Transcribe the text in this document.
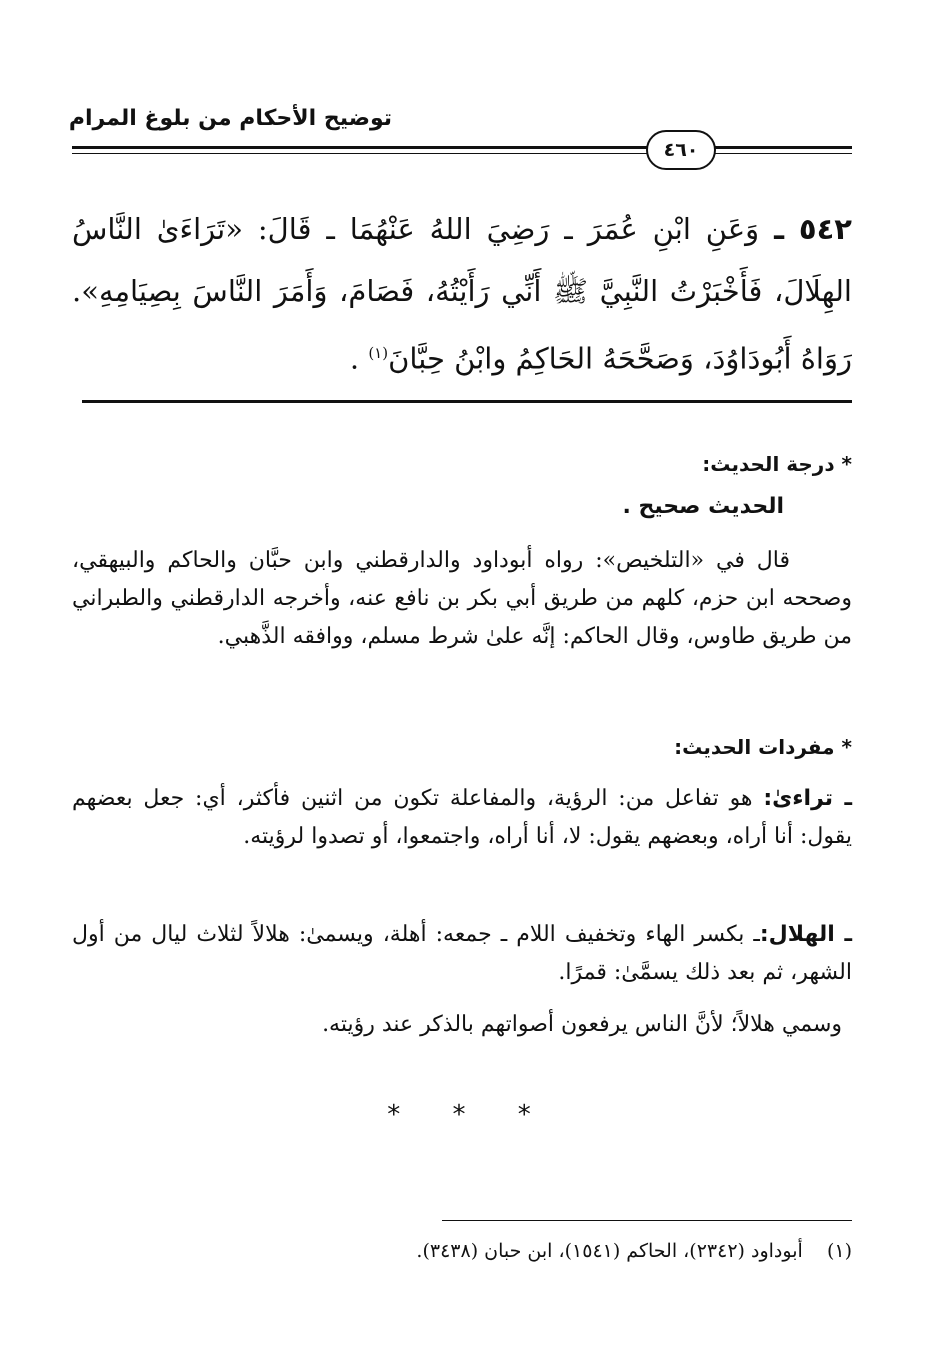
توضيح الأحكام من بلوغ المرام
٤٦٠
٥٤٢ ـ وَعَنِ ابْنِ عُمَرَ ـ رَضِيَ اللهُ عَنْهُمَا ـ قَالَ: «تَرَاءَىٰ النَّاسُ الهِلَالَ، فَأَخْبَرْتُ النَّبِيَّ ﷺ أَنِّي رَأَيْتُهُ، فَصَامَ، وَأَمَرَ النَّاسَ بِصِيَامِهِ». رَوَاهُ أَبُودَاوُدَ، وَصَحَّحَهُ الحَاكِمُ وابْنُ حِبَّانَ$^{(١)}$ .
* درجة الحديث:
الحديث صحيح .
قال في «التلخيص»: رواه أبوداود والدارقطني وابن حبَّان والحاكم والبيهقي، وصححه ابن حزم، كلهم من طريق أبي بكر بن نافع عنه، وأخرجه الدارقطني والطبراني من طريق طاوس، وقال الحاكم: إنَّه علىٰ شرط مسلم، ووافقه الذَّهبي.
* مفردات الحديث:
ـ تراءىٰ: هو تفاعل من: الرؤية، والمفاعلة تكون من اثنين فأكثر، أي: جعل بعضهم يقول: أنا أراه، وبعضهم يقول: لا، أنا أراه، واجتمعوا، أو تصدوا لرؤيته.
ـ الهلال:ـ بكسر الهاء وتخفيف اللام ـ جمعه: أهلة، ويسمىٰ: هلالاً لثلاث ليال من أول الشهر، ثم بعد ذلك يسمَّىٰ: قمرًا.
وسمي هلالاً؛ لأنَّ الناس يرفعون أصواتهم بالذكر عند رؤيته.
* * *
(١)    أبوداود (٢٣٤٢)، الحاكم (١٥٤١)، ابن حبان (٣٤٣٨).
